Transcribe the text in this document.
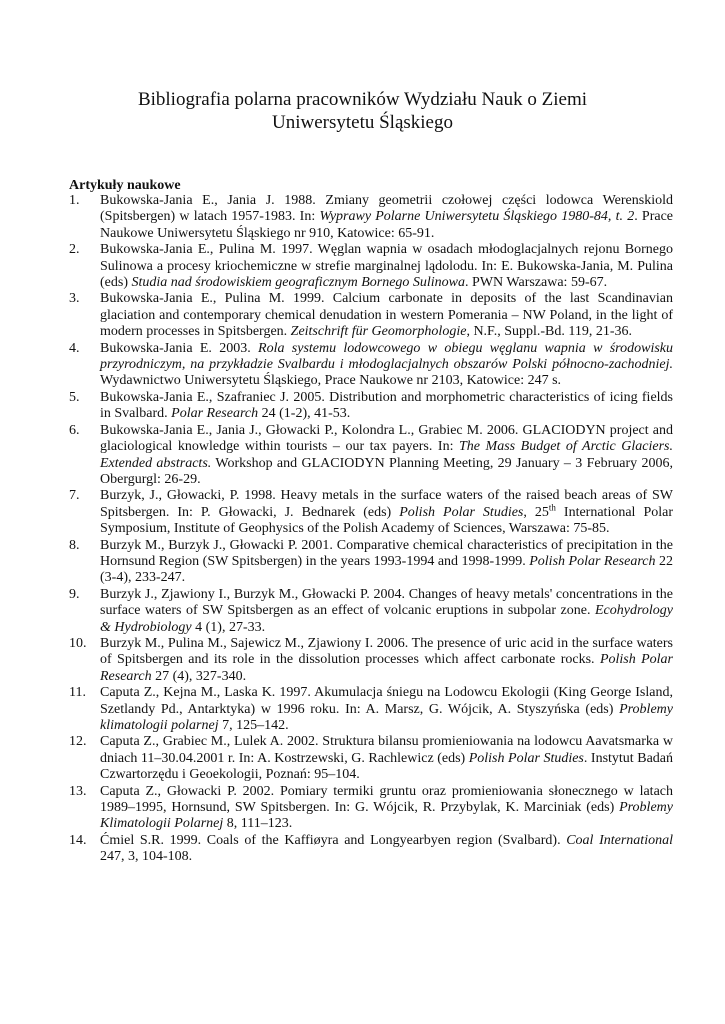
Bibliografia polarna pracowników Wydziału Nauk o Ziemi
Uniwersytetu Śląskiego
Artykuły naukowe
1.	Bukowska-Jania E., Jania J. 1988. Zmiany geometrii czołowej części lodowca Werenskiold (Spitsbergen) w latach 1957-1983. In: Wyprawy Polarne Uniwersytetu Śląskiego 1980-84, t. 2. Prace Naukowe Uniwersytetu Śląskiego nr 910, Katowice: 65-91.
2.	Bukowska-Jania E., Pulina M. 1997. Węglan wapnia w osadach młodoglacjalnych rejonu Bornego Sulinowa a procesy kriochemiczne w strefie marginalnej lądolodu. In: E. Bukowska-Jania, M. Pulina (eds) Studia nad środowiskiem geograficznym Bornego Sulinowa. PWN Warszawa: 59-67.
3.	Bukowska-Jania E., Pulina M. 1999. Calcium carbonate in deposits of the last Scandinavian glaciation and contemporary chemical denudation in western Pomerania – NW Poland, in the light of modern processes in Spitsbergen. Zeitschrift für Geomorphologie, N.F., Suppl.-Bd. 119, 21-36.
4.	Bukowska-Jania E. 2003. Rola systemu lodowcowego w obiegu węglanu wapnia w środowisku przyrodniczym, na przykładzie Svalbardu i młodoglacjalnych obszarów Polski północno-zachodniej. Wydawnictwo Uniwersytetu Śląskiego, Prace Naukowe nr 2103, Katowice: 247 s.
5.	Bukowska-Jania E., Szafraniec J. 2005. Distribution and morphometric characteristics of icing fields in Svalbard. Polar Research 24 (1-2), 41-53.
6.	Bukowska-Jania E., Jania J., Głowacki P., Kolondra L., Grabiec M. 2006. GLACIODYN project and glaciological knowledge within tourists – our tax payers. In: The Mass Budget of Arctic Glaciers. Extended abstracts. Workshop and GLACIODYN Planning Meeting, 29 January – 3 February 2006, Obergurgl: 26-29.
7.	Burzyk, J., Głowacki, P. 1998. Heavy metals in the surface waters of the raised beach areas of SW Spitsbergen. In: P. Głowacki, J. Bednarek (eds) Polish Polar Studies, 25th International Polar Symposium, Institute of Geophysics of the Polish Academy of Sciences, Warszawa: 75-85.
8.	Burzyk M., Burzyk J., Głowacki P. 2001. Comparative chemical characteristics of precipitation in the Hornsund Region (SW Spitsbergen) in the years 1993-1994 and 1998-1999. Polish Polar Research 22 (3-4), 233-247.
9.	Burzyk J., Zjawiony I., Burzyk M., Głowacki P. 2004. Changes of heavy metals' concentrations in the surface waters of SW Spitsbergen as an effect of volcanic eruptions in subpolar zone. Ecohydrology & Hydrobiology 4 (1), 27-33.
10. Burzyk M., Pulina M., Sajewicz M., Zjawiony I. 2006. The presence of uric acid in the surface waters of Spitsbergen and its role in the dissolution processes which affect carbonate rocks. Polish Polar Research 27 (4), 327-340.
11.	Caputa Z., Kejna M., Laska K. 1997. Akumulacja śniegu na Lodowcu Ekologii (King George Island, Szetlandy Pd., Antarktyka) w 1996 roku. In: A. Marsz, G. Wójcik, A. Styszyńska (eds) Problemy klimatologii polarnej 7, 125–142.
12. Caputa Z., Grabiec M., Lulek A. 2002. Struktura bilansu promieniowania na lodowcu Aavatsmarka w dniach 11–30.04.2001 r. In: A. Kostrzewski, G. Rachlewicz (eds) Polish Polar Studies. Instytut Badań Czwartorzędu i Geoekologii, Poznań: 95–104.
13. Caputa Z., Głowacki P. 2002. Pomiary termiki gruntu oraz promieniowania słonecznego w latach 1989–1995, Hornsund, SW Spitsbergen. In: G. Wójcik, R. Przybylak, K. Marciniak (eds) Problemy Klimatologii Polarnej 8, 111–123.
14. Ćmiel S.R. 1999. Coals of the Kaffiøyra and Longyearbyen region (Svalbard). Coal International 247, 3, 104-108.
